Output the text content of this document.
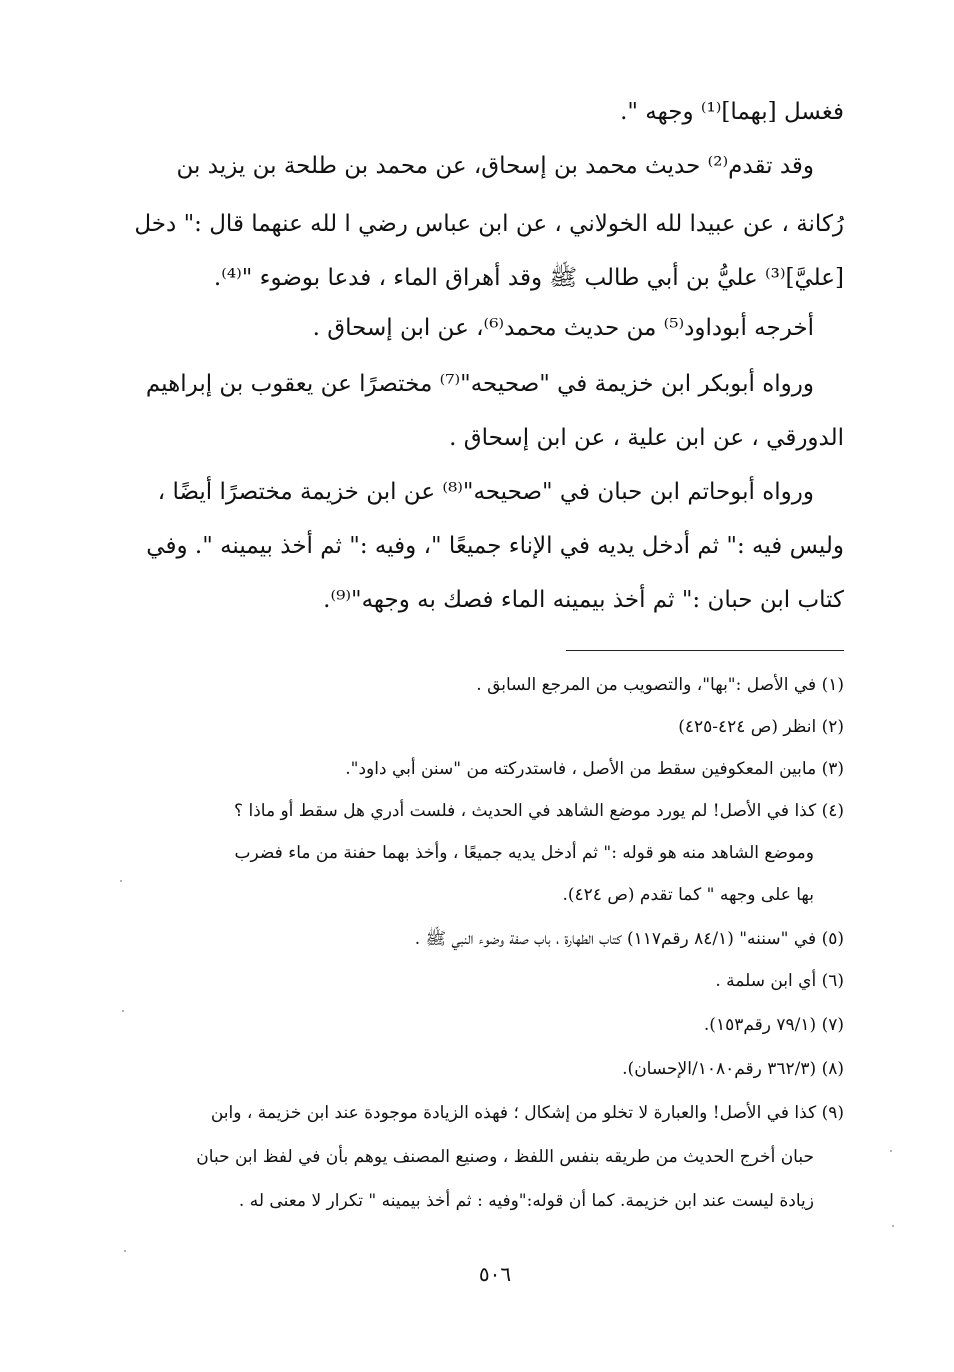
فغسل [بهما]⁽¹⁾ وجهه ".
وقد تقدم⁽²⁾ حديث محمد بن إسحاق، عن محمد بن طلحة بن يزيد بن
رُكانة ، عن عبيدا لله الخولاني ، عن ابن عباس رضي ا لله عنهما قال :" دخل
[عليَّ]⁽³⁾ عليُّ بن أبي طالب ﷺ وقد أهراق الماء ، فدعا بوضوء "⁽⁴⁾.
أخرجه أبوداود⁽⁵⁾ من حديث محمد⁽⁶⁾، عن ابن إسحاق .
ورواه أبوبكر ابن خزيمة في "صحيحه"⁽⁷⁾ مختصرًا عن يعقوب بن إبراهيم
الدورقي ، عن ابن علية ، عن ابن إسحاق .
ورواه أبوحاتم ابن حبان في "صحيحه"⁽⁸⁾ عن ابن خزيمة مختصرًا أيضًا ،
وليس فيه :" ثم أدخل يديه في الإناء جميعًا "، وفيه :" ثم أخذ بيمينه ". وفي
كتاب ابن حبان :" ثم أخذ بيمينه الماء فصك به وجهه"⁽⁹⁾.
(١) في الأصل :"بها"، والتصويب من المرجع السابق .
(٢) انظر (ص ٤٢٤-٤٢٥)
(٣) مابين المعكوفين سقط من الأصل ، فاستدركته من "سنن أبي داود".
(٤) كذا في الأصل! لم يورد موضع الشاهد في الحديث ، فلست أدري هل سقط أو ماذا ؟
وموضع الشاهد منه هو قوله :" ثم أدخل يديه جميعًا ، وأخذ بهما حفنة من ماء فضرب
بها على وجهه " كما تقدم (ص ٤٢٤).
(٥) في "سننه" (٨٤/١ رقم١١٧) كتاب الطهارة ، باب صفة وضوء النبي ﷺ .
(٦) أي ابن سلمة .
(٧) (٧٩/١ رقم١٥٣).
(٨) (٣٦٢/٣ رقم١٠٨٠/الإحسان).
(٩) كذا في الأصل! والعبارة لا تخلو من إشكال ؛ فهذه الزيادة موجودة عند ابن خزيمة ، وابن
حبان أخرج الحديث من طريقه بنفس اللفظ ، وصنيع المصنف يوهم بأن في لفظ ابن حبان
زيادة ليست عند ابن خزيمة. كما أن قوله:"وفيه : ثم أخذ بيمينه " تكرار لا معنى له .
٥٠٦
